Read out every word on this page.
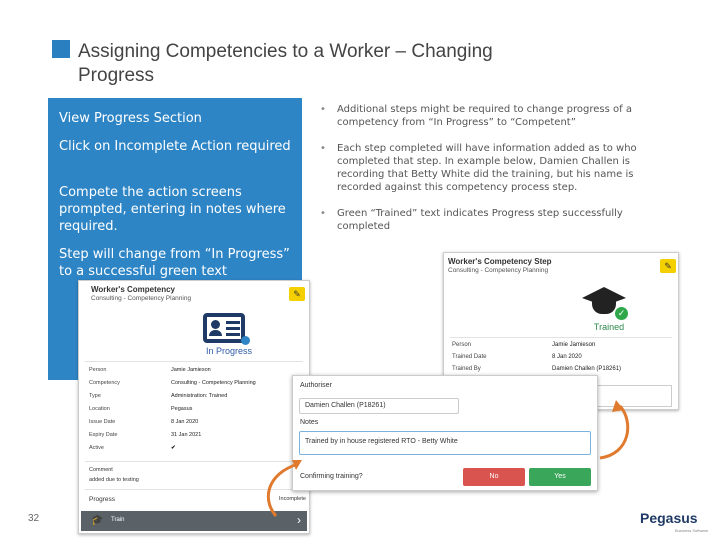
Assigning Competencies to a Worker – Changing
Progress
View Progress Section
Click on Incomplete Action required
Compete the action screens prompted, entering in notes where required.
Step will change from “In Progress” to a successful green text
• Additional steps might be required to change progress of a competency from “In Progress” to “Competent”
• Each step completed will have information added as to who completed that step. In example below, Damien Challen is recording that Betty White did the training, but his name is recorded against this competency process step.
• Green “Trained” text indicates Progress step successfully completed
Worker's Competency
Consulting - Competency Planning	✎
In Progress
Person	Jamie Jamieson
Competency	Consulting - Competency Planning
Type	Administration: Trained
Location	Pegasus
Issue Date	8 Jan 2020
Expiry Date	31 Jan 2021
Active	✔
Comment
added due to testing
Progress	Incomplete
🎓 Train	›
Worker's Competency Step
Consulting - Competency Planning	✎
✓
Trained
Person	Jamie Jamieson
Trained Date	8 Jan 2020
Trained By	Damien Challen (P18261)
Authoriser
Damien Challen (P18261)
Notes
Trained by in house registered RTO - Betty White
Confirming training?	No	Yes
32	Pegasus
Business Software
